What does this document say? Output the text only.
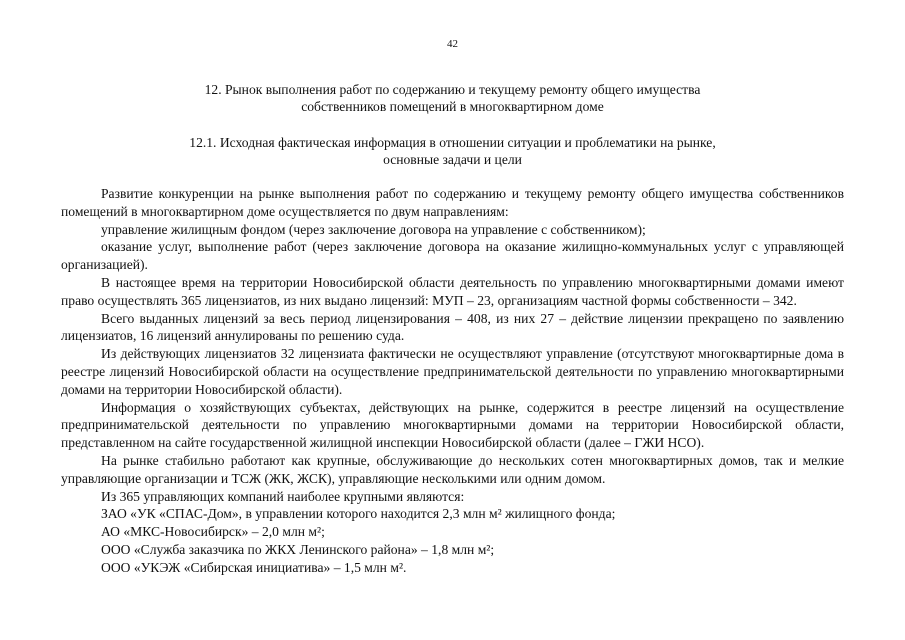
42
12. Рынок выполнения работ по содержанию и текущему ремонту общего имущества
собственников помещений в многоквартирном доме
12.1. Исходная фактическая информация в отношении ситуации и проблематики на рынке,
основные задачи и цели

Развитие конкуренции на рынке выполнения работ по содержанию и текущему ремонту общего имущества собственников помещений в многоквартирном доме осуществляется по двум направлениям:

управление жилищным фондом (через заключение договора на управление с собственником);

оказание услуг, выполнение работ (через заключение договора на оказание жилищно-коммунальных услуг с управляющей организацией).

В настоящее время на территории Новосибирской области деятельность по управлению многоквартирными домами имеют право осуществлять 365 лицензиатов, из них выдано лицензий: МУП – 23, организациям частной формы собственности – 342.

Всего выданных лицензий за весь период лицензирования – 408, из них 27 – действие лицензии прекращено по заявлению лицензиатов, 16 лицензий аннулированы по решению суда.

Из действующих лицензиатов 32 лицензиата фактически не осуществляют управление (отсутствуют многоквартирные дома в реестре лицензий Новосибирской области на осуществление предпринимательской деятельности по управлению многоквартирными домами на территории Новосибирской области).

Информация о хозяйствующих субъектах, действующих на рынке, содержится в реестре лицензий на осуществление предпринимательской деятельности по управлению многоквартирными домами на территории Новосибирской области, представленном на сайте государственной жилищной инспекции Новосибирской области (далее – ГЖИ НСО).

На рынке стабильно работают как крупные, обслуживающие до нескольких сотен многоквартирных домов, так и мелкие управляющие организации и ТСЖ (ЖК, ЖСК), управляющие несколькими или одним домом.

Из 365 управляющих компаний наиболее крупными являются:

ЗАО «УК «СПАС-Дом», в управлении которого находится 2,3 млн м² жилищного фонда;

АО «МКС-Новосибирск» – 2,0 млн м²;

ООО «Служба заказчика по ЖКХ Ленинского района» – 1,8 млн м²;

ООО «УКЭЖ «Сибирская инициатива» – 1,5 млн м².
